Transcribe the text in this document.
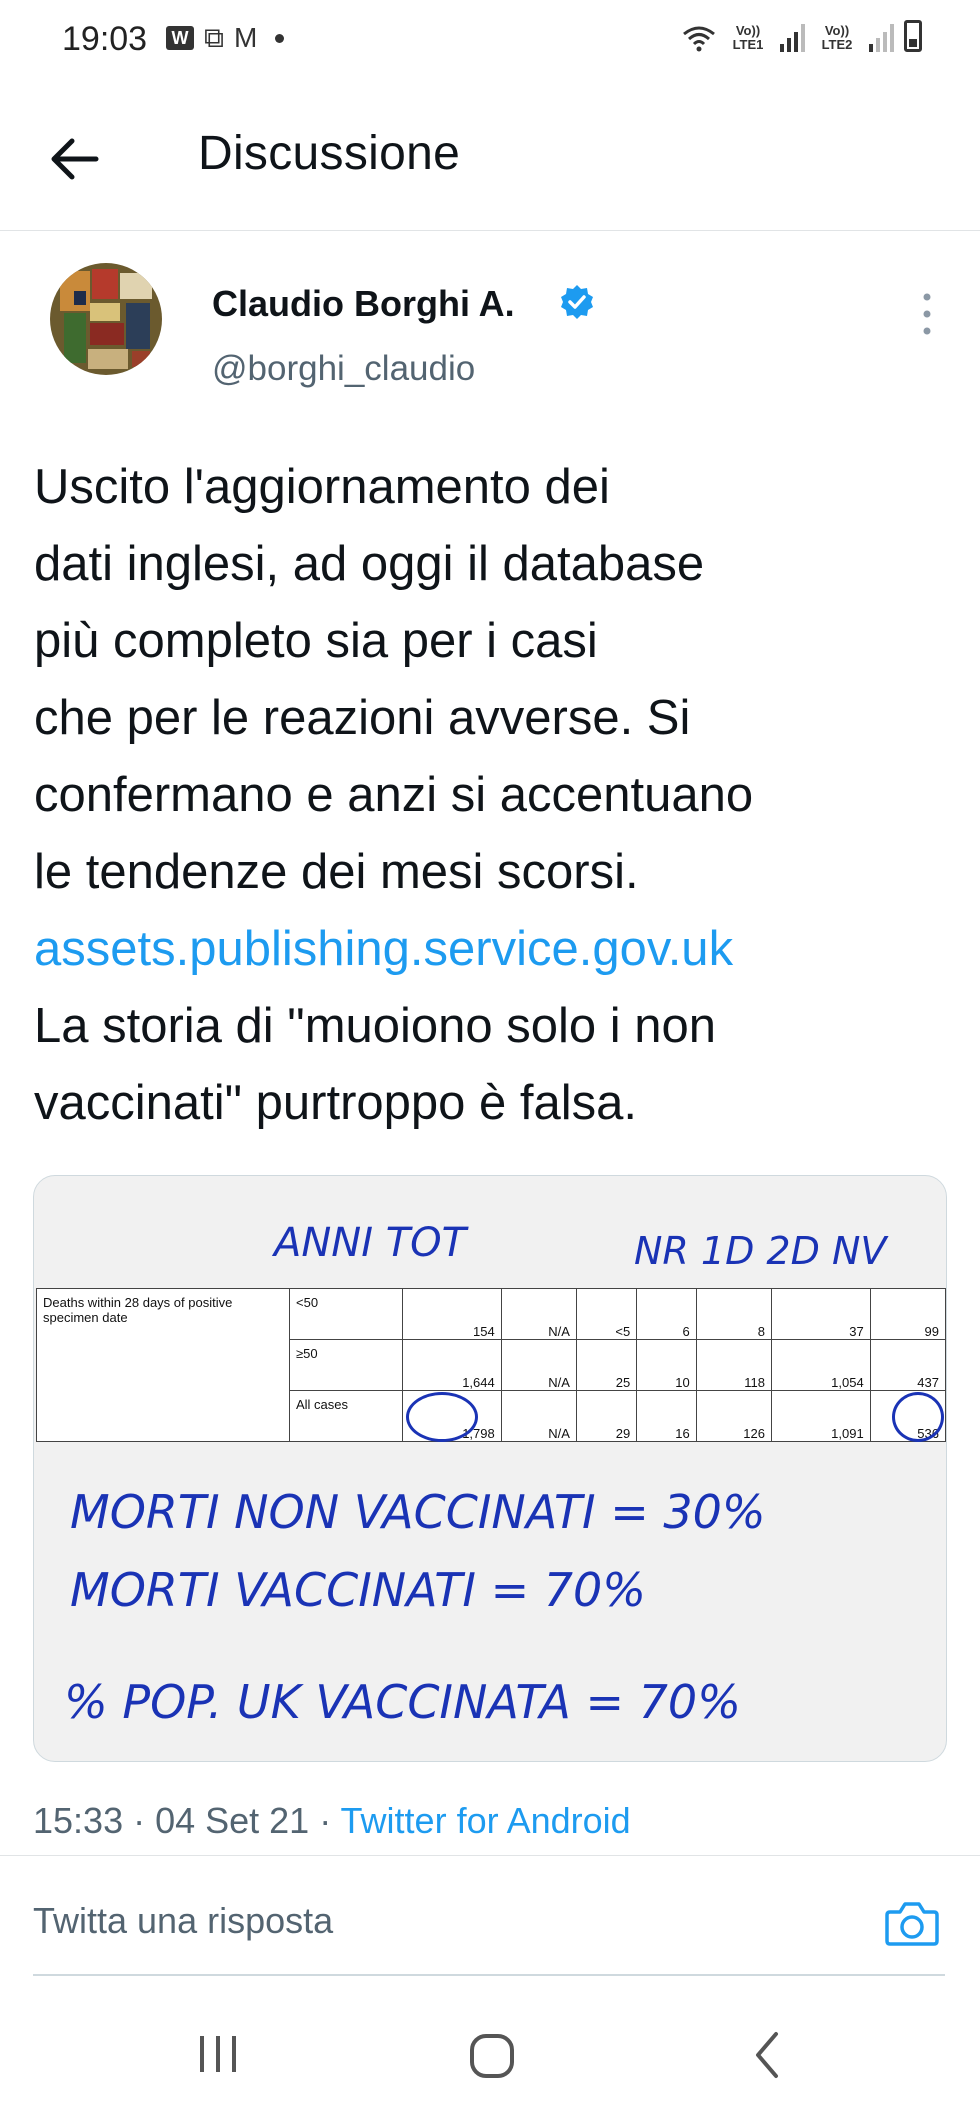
19:03	W ⧉ M	Vo)) LTE1
Vo)) LTE2
Discussione
Claudio Borghi A.
@borghi_claudio

Uscito l'aggiornamento dei

dati inglesi, ad oggi il database

più completo sia per i casi

che per le reazioni avverse. Si

confermano e anzi si accentuano

le tendenze dei mesi scorsi.

assets.publishing.service.gov.uk

La storia di "muoiono solo i non

vaccinati" purtroppo è falsa.

ANNI TOT	NR 1D 2D NV
Deaths within 28 days of positive specimen date	<50	154	N/A	<5	6	8	37	99
	≥50	1,644	N/A	25	10	118	1,054	437
	All cases	1,798	N/A	29	16	126	1,091	536
MORTI NON VACCINATI = 30%
MORTI VACCINATI = 70%
% POP. UK VACCINATA = 70%
15:33 · 04 Set 21 · Twitter for Android
Twitta una risposta
